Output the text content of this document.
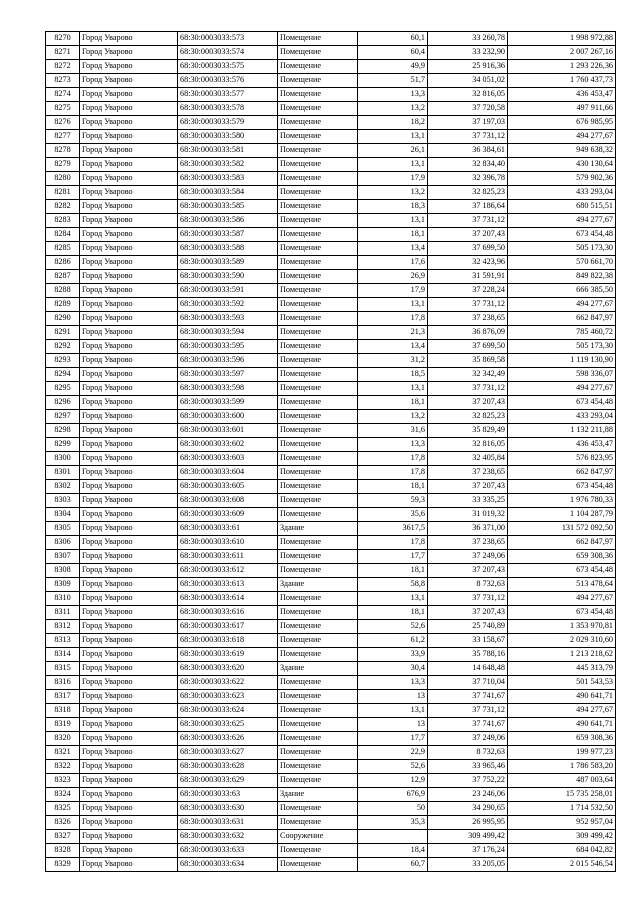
8270	Город Уварово	68:30:0003033:573	Помещение	60,1	33 260,78	1 998 972,88
8271	Город Уварово	68:30:0003033:574	Помещение	60,4	33 232,90	2 007 267,16
8272	Город Уварово	68:30:0003033:575	Помещение	49,9	25 916,36	1 293 226,36
8273	Город Уварово	68:30:0003033:576	Помещение	51,7	34 051,02	1 760 437,73
8274	Город Уварово	68:30:0003033:577	Помещение	13,3	32 816,05	436 453,47
8275	Город Уварово	68:30:0003033:578	Помещение	13,2	37 720,58	497 911,66
8276	Город Уварово	68:30:0003033:579	Помещение	18,2	37 197,03	676 985,95
8277	Город Уварово	68:30:0003033:580	Помещение	13,1	37 731,12	494 277,67
8278	Город Уварово	68:30:0003033:581	Помещение	26,1	36 384,61	949 638,32
8279	Город Уварово	68:30:0003033:582	Помещение	13,1	32 834,40	430 130,64
8280	Город Уварово	68:30:0003033:583	Помещение	17,9	32 396,78	579 902,36
8281	Город Уварово	68:30:0003033:584	Помещение	13,2	32 825,23	433 293,04
8282	Город Уварово	68:30:0003033:585	Помещение	18,3	37 186,64	680 515,51
8283	Город Уварово	68:30:0003033:586	Помещение	13,1	37 731,12	494 277,67
8284	Город Уварово	68:30:0003033:587	Помещение	18,1	37 207,43	673 454,48
8285	Город Уварово	68:30:0003033:588	Помещение	13,4	37 699,50	505 173,30
8286	Город Уварово	68:30:0003033:589	Помещение	17,6	32 423,96	570 661,70
8287	Город Уварово	68:30:0003033:590	Помещение	26,9	31 591,91	849 822,38
8288	Город Уварово	68:30:0003033:591	Помещение	17,9	37 228,24	666 385,50
8289	Город Уварово	68:30:0003033:592	Помещение	13,1	37 731,12	494 277,67
8290	Город Уварово	68:30:0003033:593	Помещение	17,8	37 238,65	662 847,97
8291	Город Уварово	68:30:0003033:594	Помещение	21,3	36 876,09	785 460,72
8292	Город Уварово	68:30:0003033:595	Помещение	13,4	37 699,50	505 173,30
8293	Город Уварово	68:30:0003033:596	Помещение	31,2	35 869,58	1 119 130,90
8294	Город Уварово	68:30:0003033:597	Помещение	18,5	32 342,49	598 336,07
8295	Город Уварово	68:30:0003033:598	Помещение	13,1	37 731,12	494 277,67
8296	Город Уварово	68:30:0003033:599	Помещение	18,1	37 207,43	673 454,48
8297	Город Уварово	68:30:0003033:600	Помещение	13,2	32 825,23	433 293,04
8298	Город Уварово	68:30:0003033:601	Помещение	31,6	35 829,49	1 132 211,88
8299	Город Уварово	68:30:0003033:602	Помещение	13,3	32 816,05	436 453,47
8300	Город Уварово	68:30:0003033:603	Помещение	17,8	32 405,84	576 823,95
8301	Город Уварово	68:30:0003033:604	Помещение	17,8	37 238,65	662 847,97
8302	Город Уварово	68:30:0003033:605	Помещение	18,1	37 207,43	673 454,48
8303	Город Уварово	68:30:0003033:608	Помещение	59,3	33 335,25	1 976 780,33
8304	Город Уварово	68:30:0003033:609	Помещение	35,6	31 019,32	1 104 287,79
8305	Город Уварово	68:30:0003033:61	Здание	3617,5	36 371,00	131 572 092,50
8306	Город Уварово	68:30:0003033:610	Помещение	17,8	37 238,65	662 847,97
8307	Город Уварово	68:30:0003033:611	Помещение	17,7	37 249,06	659 308,36
8308	Город Уварово	68:30:0003033:612	Помещение	18,1	37 207,43	673 454,48
8309	Город Уварово	68:30:0003033:613	Здание	58,8	8 732,63	513 478,64
8310	Город Уварово	68:30:0003033:614	Помещение	13,1	37 731,12	494 277,67
8311	Город Уварово	68:30:0003033:616	Помещение	18,1	37 207,43	673 454,48
8312	Город Уварово	68:30:0003033:617	Помещение	52,6	25 740,89	1 353 970,81
8313	Город Уварово	68:30:0003033:618	Помещение	61,2	33 158,67	2 029 310,60
8314	Город Уварово	68:30:0003033:619	Помещение	33,9	35 788,16	1 213 218,62
8315	Город Уварово	68:30:0003033:620	Здание	30,4	14 648,48	445 313,79
8316	Город Уварово	68:30:0003033:622	Помещение	13,3	37 710,04	501 543,53
8317	Город Уварово	68:30:0003033:623	Помещение	13	37 741,67	490 641,71
8318	Город Уварово	68:30:0003033:624	Помещение	13,1	37 731,12	494 277,67
8319	Город Уварово	68:30:0003033:625	Помещение	13	37 741,67	490 641,71
8320	Город Уварово	68:30:0003033:626	Помещение	17,7	37 249,06	659 308,36
8321	Город Уварово	68:30:0003033:627	Помещение	22,9	8 732,63	199 977,23
8322	Город Уварово	68:30:0003033:628	Помещение	52,6	33 965,46	1 786 583,20
8323	Город Уварово	68:30:0003033:629	Помещение	12,9	37 752,22	487 003,64
8324	Город Уварово	68:30:0003033:63	Здание	676,9	23 246,06	15 735 258,01
8325	Город Уварово	68:30:0003033:630	Помещение	50	34 290,65	1 714 532,50
8326	Город Уварово	68:30:0003033:631	Помещение	35,3	26 995,95	952 957,04
8327	Город Уварово	68:30:0003033:632	Сооружение		309 499,42	309 499,42
8328	Город Уварово	68:30:0003033:633	Помещение	18,4	37 176,24	684 042,82
8329	Город Уварово	68:30:0003033:634	Помещение	60,7	33 205,05	2 015 546,54
